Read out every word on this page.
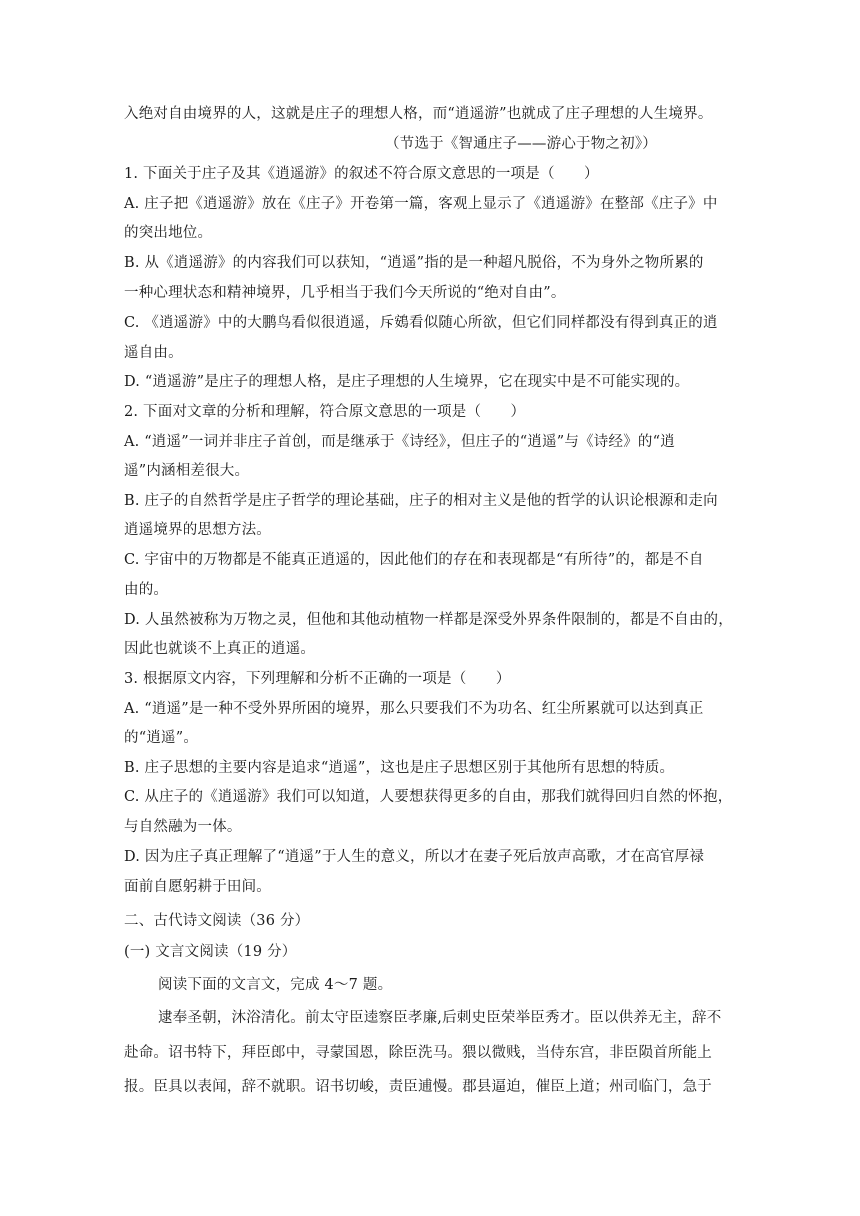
入绝对自由境界的人，这就是庄子的理想人格，而“逍遥游”也就成了庄子理想的人生境界。
（节选于《智通庄子——游心于物之初》）
1. 下面关于庄子及其《逍遥游》的叙述不符合原文意思的一项是（　　）
A. 庄子把《逍遥游》放在《庄子》开卷第一篇，客观上显示了《逍遥游》在整部《庄子》中
的突出地位。
B. 从《逍遥游》的内容我们可以获知，“逍遥”指的是一种超凡脱俗，不为身外之物所累的
一种心理状态和精神境界，几乎相当于我们今天所说的“绝对自由”。
C. 《逍遥游》中的大鹏鸟看似很逍遥，斥鴳看似随心所欲，但它们同样都没有得到真正的逍
遥自由。
D. “逍遥游”是庄子的理想人格，是庄子理想的人生境界，它在现实中是不可能实现的。
2. 下面对文章的分析和理解，符合原文意思的一项是（　　）
A. “逍遥”一词并非庄子首创，而是继承于《诗经》，但庄子的“逍遥”与《诗经》的“逍
遥”内涵相差很大。
B. 庄子的自然哲学是庄子哲学的理论基础，庄子的相对主义是他的哲学的认识论根源和走向
逍遥境界的思想方法。
C. 宇宙中的万物都是不能真正逍遥的，因此他们的存在和表现都是“有所待”的，都是不自
由的。
D. 人虽然被称为万物之灵，但他和其他动植物一样都是深受外界条件限制的，都是不自由的，
因此也就谈不上真正的逍遥。
3. 根据原文内容，下列理解和分析不正确的一项是（　　）
A. “逍遥”是一种不受外界所困的境界，那么只要我们不为功名、红尘所累就可以达到真正
的“逍遥”。
B. 庄子思想的主要内容是追求“逍遥”，这也是庄子思想区别于其他所有思想的特质。
C. 从庄子的《逍遥游》我们可以知道，人要想获得更多的自由，那我们就得回归自然的怀抱，
与自然融为一体。
D. 因为庄子真正理解了“逍遥”于人生的意义，所以才在妻子死后放声高歌，才在高官厚禄
面前自愿躬耕于田间。
二、古代诗文阅读（36 分）
(一) 文言文阅读（19 分）
阅读下面的文言文，完成 4～7 题。
逮奉圣朝，沐浴清化。前太守臣逵察臣孝廉,后刺史臣荣举臣秀才。臣以供养无主，辞不
赴命。诏书特下，拜臣郎中，寻蒙国恩，除臣洗马。猥以微贱，当侍东宫，非臣陨首所能上
报。臣具以表闻，辞不就职。诏书切峻，责臣逋慢。郡县逼迫，催臣上道；州司临门，急于
